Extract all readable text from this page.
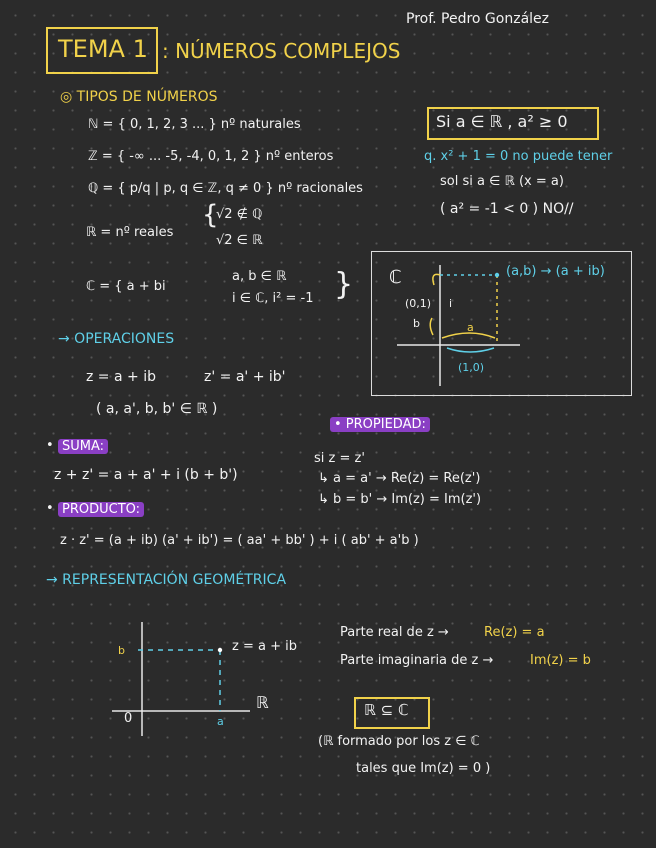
Prof. Pedro González
TEMA 1 : NÚMEROS COMPLEJOS
◎ TIPOS DE NÚMEROS
ℕ = { 0, 1, 2, 3 ... } nº naturales
ℤ = { -∞ ... -5, -4, 0, 1, 2 } nº enteros
ℚ = { p/q | p, q ∈ ℤ, q ≠ 0 } nº racionales
ℝ = nº reales
{
√2 ∉ ℚ
√2 ∈ ℝ
ℂ = { a + bi
a, b ∈ ℝ
i ∈ ℂ, i² = -1 }
Si a ∈ ℝ , a² ≥ 0
q. x² + 1 = 0 no puede tener
sol si a ∈ ℝ (x = a)
( a² = -1 < 0 ) NO//
ℂ	(a,b) → (a + ib)
(0,1) i
b	a
(1,0)
→ OPERACIONES
z = a + ib	z' = a' + ib'
( a, a', b, b' ∈ ℝ )
• PROPIEDAD:
si z = z'
↳ a = a' → Re(z) = Re(z')
↳ b = b' → Im(z) = Im(z')
• SUMA:
z + z' = a + a' + i (b + b')
• PRODUCTO:
z · z' = (a + ib) (a' + ib') = ( aa' + bb' ) + i ( ab' + a'b )
→ REPRESENTACIÓN GEOMÉTRICA
b	z = a + ib
ℝ
0	a
Parte real de z →	Re(z) = a
Parte imaginaria de z →	Im(z) = b
ℝ ⊆ ℂ
(ℝ formado por los z ∈ ℂ
tales que Im(z) = 0 )
